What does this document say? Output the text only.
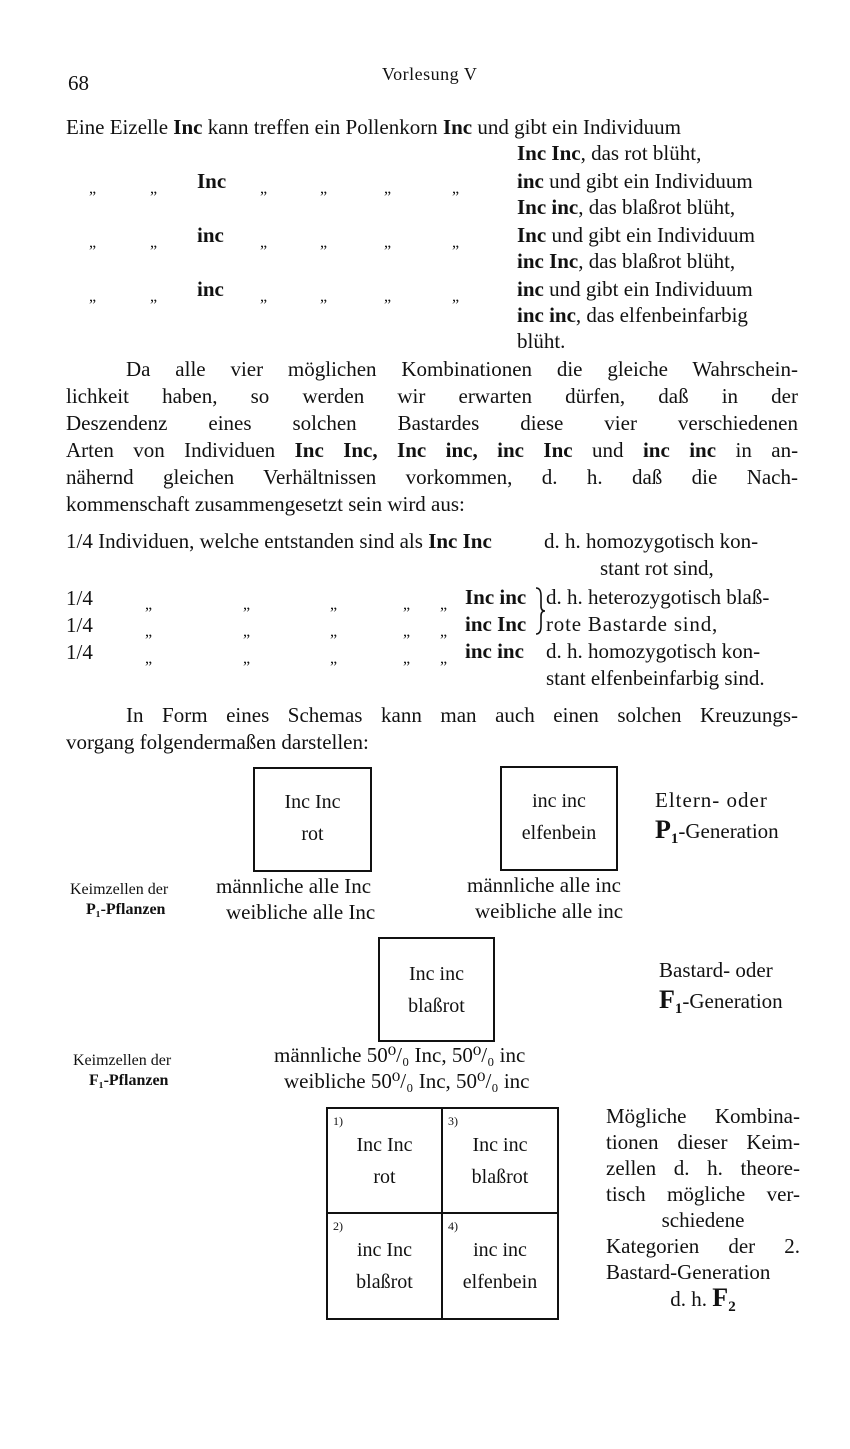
68	Vorlesung V
Eine Eizelle Inc kann treffen ein Pollenkorn Inc und gibt ein Individuum
Inc Inc, das rot blüht,
„	„ Inc „	„	„	„	inc und gibt ein Individuum
Inc inc, das blaßrot blüht,
„	„ inc „	„	„	„	Inc und gibt ein Individuum
inc Inc, das blaßrot blüht,
„	„ inc „	„	„	„	inc und gibt ein Individuum
inc inc, das elfenbeinfarbig
blüht.
Da alle vier möglichen Kombinationen die gleiche Wahrschein-
lichkeit haben, so werden wir erwarten dürfen, daß in der
Deszendenz eines solchen Bastardes diese vier verschiedenen
Arten von Individuen Inc Inc, Inc inc, inc Inc und inc inc in an-
nähernd gleichen Verhältnissen vorkommen, d. h. daß die Nach-
kommenschaft zusammengesetzt sein wird aus:
1/4 Individuen, welche entstanden sind als Inc Inc d. h. homozygotisch kon-
stant rot sind,
1/4	„	„	„	„ „ Inc inc d. h. heterozygotisch blaß-
1/4	„	„	„	„ „ inc Inc rote Bastarde sind,
1/4	„	„	„	„ „ inc inc d. h. homozygotisch kon-
stant elfenbeinfarbig sind.
In Form eines Schemas kann man auch einen solchen Kreuzungs-
vorgang folgendermaßen darstellen:
Inc Inc
rot
inc inc
elfenbein
Eltern- oder
$P_1$-Generation
Keimzellen der
P₁-Pflanzen
männliche alle Inc
weibliche alle Inc
männliche alle inc
weibliche alle inc
Inc inc
blaßrot
Bastard- oder
$F_1$-Generation
Keimzellen der
F₁-Pflanzen
männliche 50⁰/₀ Inc, 50⁰/₀ inc
weibliche 50⁰/₀ Inc, 50⁰/₀ inc
1)
Inc Inc
rot
3)
Inc inc
blaßrot
2)
inc Inc
blaßrot
4)
inc inc
elfenbein
Mögliche Kombina-
tionen dieser Keim-
zellen d. h. theore-
tisch mögliche ver-
schiedene
Kategorien der 2.
Bastard-Generation
d. h. $F_2$
